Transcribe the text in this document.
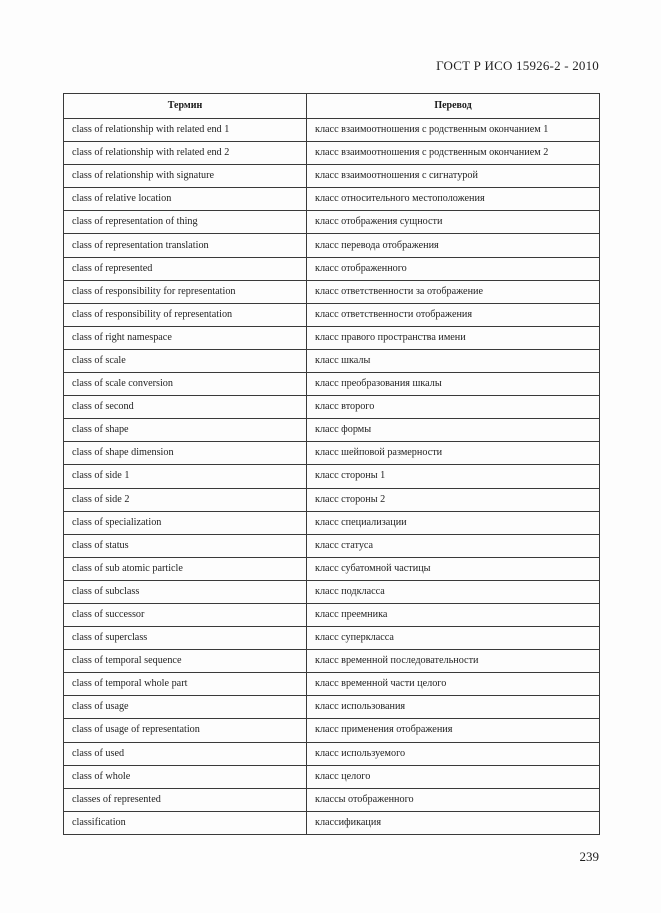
ГОСТ Р ИСО 15926-2 - 2010
Термин	Перевод
class of relationship with related end 1	класс взаимоотношения с родственным окончанием 1
class of relationship with related end 2	класс взаимоотношения с родственным окончанием 2
class of relationship with signature	класс взаимоотношения с сигнатурой
class of relative location	класс относительного местоположения
class of representation of thing	класс отображения сущности
class of representation translation	класс перевода отображения
class of represented	класс отображенного
class of responsibility for representation	класс ответственности за отображение
class of responsibility of representation	класс ответственности отображения
class of right namespace	класс правого пространства имени
class of scale	класс шкалы
class of scale conversion	класс преобразования шкалы
class of second	класс второго
class of shape	класс формы
class of shape dimension	класс шейповой размерности
class of side 1	класс стороны 1
class of side 2	класс стороны 2
class of specialization	класс специализации
class of status	класс статуса
class of sub atomic particle	класс субатомной частицы
class of subclass	класс подкласса
class of successor	класс преемника
class of superclass	класс суперкласса
class of temporal sequence	класс временной последовательности
class of temporal whole part	класс временной части целого
class of usage	класс использования
class of usage of representation	класс применения отображения
class of used	класс используемого
class of whole	класс целого
classes of represented	классы отображенного
classification	классификация
239
